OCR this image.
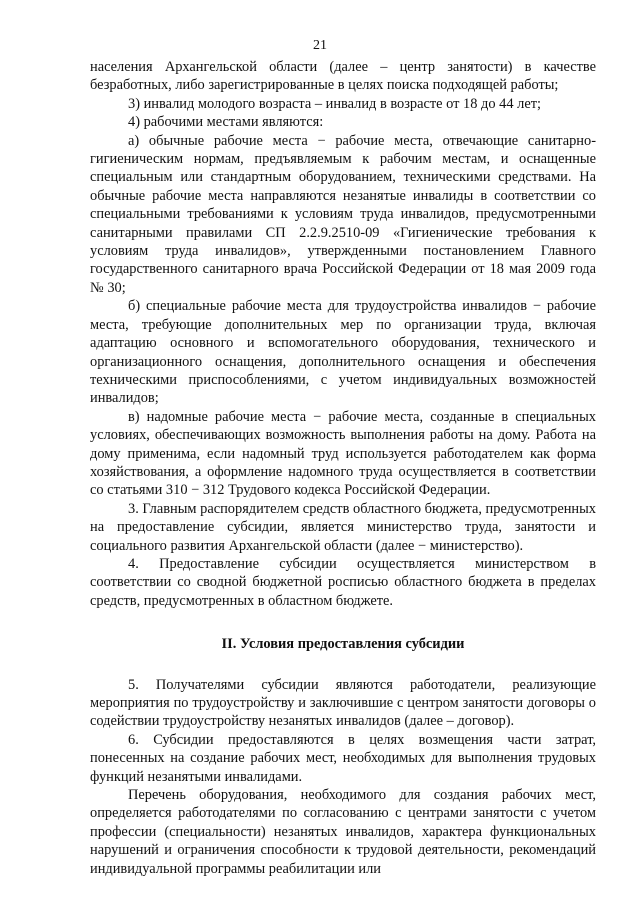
21

населения Архангельской области (далее – центр занятости) в качестве безработных, либо зарегистрированные в целях поиска подходящей работы;

3) инвалид молодого возраста – инвалид в возрасте от 18 до 44 лет;

4) рабочими местами являются:

а) обычные рабочие места − рабочие места, отвечающие санитарно-гигиеническим нормам, предъявляемым к рабочим местам, и оснащенные специальным или стандартным оборудованием, техническими средствами. На обычные рабочие места направляются незанятые инвалиды в соответствии со специальными требованиями к условиям труда инвалидов, предусмотренными санитарными правилами СП 2.2.9.2510-09 «Гигиенические требования к условиям труда инвалидов», утвержденными постановлением Главного государственного санитарного врача Российской Федерации от 18 мая 2009 года № 30;

б) специальные рабочие места для трудоустройства инвалидов − рабочие места, требующие дополнительных мер по организации труда, включая адаптацию основного и вспомогательного оборудования, технического и организационного оснащения, дополнительного оснащения и обеспечения техническими приспособлениями, с учетом индивидуальных возможностей инвалидов;

в) надомные рабочие места − рабочие места, созданные в специальных условиях, обеспечивающих возможность выполнения работы на дому. Работа на дому применима, если надомный труд используется работодателем как форма хозяйствования, а оформление надомного труда осуществляется в соответствии со статьями 310 − 312 Трудового кодекса Российской Федерации.

3. Главным распорядителем средств областного бюджета, предусмотренных на предоставление субсидии, является министерство труда, занятости и социального развития Архангельской области (далее − министерство).

4. Предоставление субсидии осуществляется министерством в соответствии со сводной бюджетной росписью областного бюджета в пределах средств, предусмотренных в областном бюджете.

II. Условия предоставления субсидии

5. Получателями субсидии являются работодатели, реализующие мероприятия по трудоустройству и заключившие с центром занятости договоры о содействии трудоустройству незанятых инвалидов (далее – договор).

6. Субсидии предоставляются в целях возмещения части затрат, понесенных на создание рабочих мест, необходимых для выполнения трудовых функций незанятыми инвалидами.

Перечень оборудования, необходимого для создания рабочих мест, определяется работодателями по согласованию с центрами занятости с учетом профессии (специальности) незанятых инвалидов, характера функциональных нарушений и ограничения способности к трудовой деятельности, рекомендаций индивидуальной программы реабилитации или
